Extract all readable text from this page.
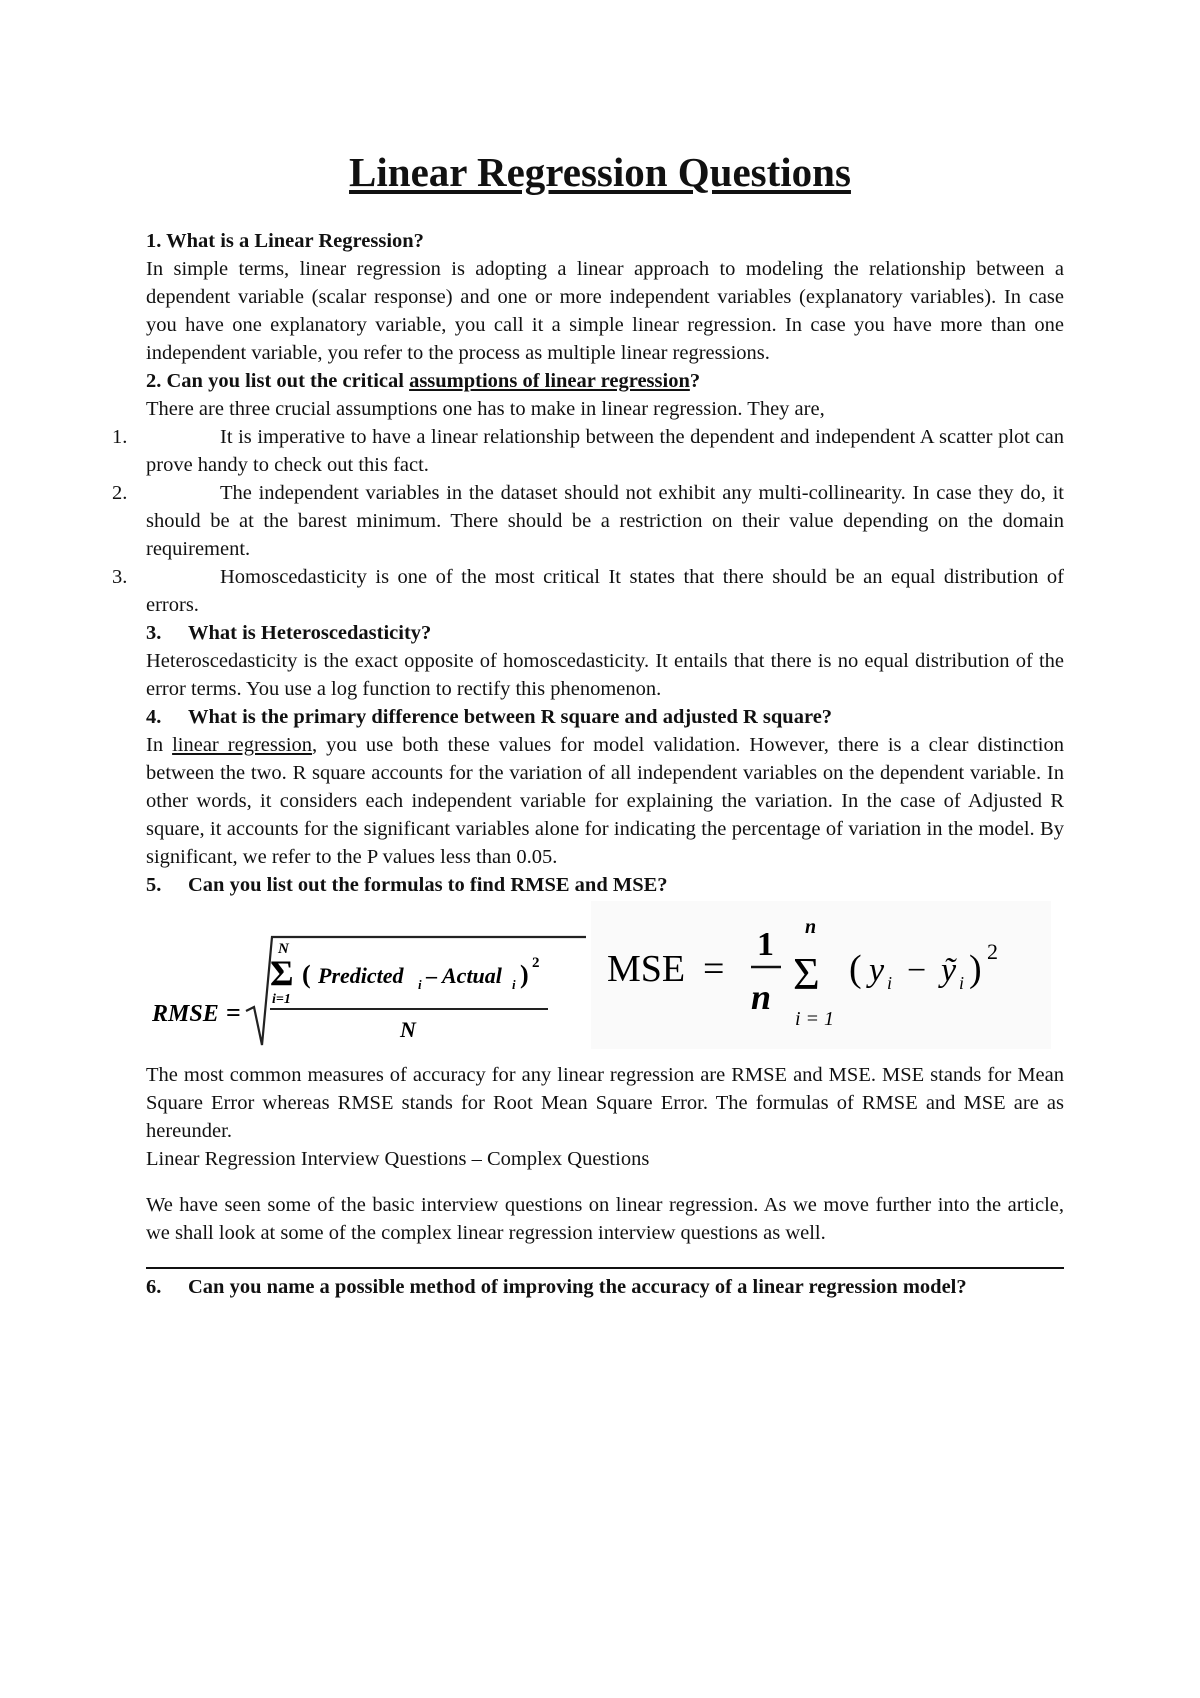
Linear Regression Questions

1. What is a Linear Regression?

In simple terms, linear regression is adopting a linear approach to modeling the relationship between a dependent variable (scalar response) and one or more independent variables (explanatory variables). In case you have one explanatory variable, you call it a simple linear regression. In case you have more than one independent variable, you refer to the process as multiple linear regressions.

2. Can you list out the critical assumptions of linear regression?

There are three crucial assumptions one has to make in linear regression. They are,

1.	It is imperative to have a linear relationship between the dependent and independent A scatter plot can prove handy to check out this fact.

2.	The independent variables in the dataset should not exhibit any multi-collinearity. In case they do, it should be at the barest minimum. There should be a restriction on their value depending on the domain requirement.

3.	Homoscedasticity is one of the most critical It states that there should be an equal distribution of errors.

3. What is Heteroscedasticity?

Heteroscedasticity is the exact opposite of homoscedasticity. It entails that there is no equal distribution of the error terms. You use a log function to rectify this phenomenon.

4. What is the primary difference between R square and adjusted R square?

In linear regression, you use both these values for model validation. However, there is a clear distinction between the two. R square accounts for the variation of all independent variables on the dependent variable. In other words, it considers each independent variable for explaining the variation. In the case of Adjusted R square, it accounts for the significant variables alone for indicating the percentage of variation in the model. By significant, we refer to the P values less than 0.05.

5. Can you list out the formulas to find RMSE and MSE?

RMSE =
N
Σ
i=1
( Predicted i – Actual i ) 2
N

MSE =
1
n
n
Σ
i = 1
( y i − ỹ i ) 2

The most common measures of accuracy for any linear regression are RMSE and MSE. MSE stands for Mean Square Error whereas RMSE stands for Root Mean Square Error. The formulas of RMSE and MSE are as hereunder.

Linear Regression Interview Questions – Complex Questions

We have seen some of the basic interview questions on linear regression. As we move further into the article, we shall look at some of the complex linear regression interview questions as well.

6. Can you name a possible method of improving the accuracy of a linear regression model?
